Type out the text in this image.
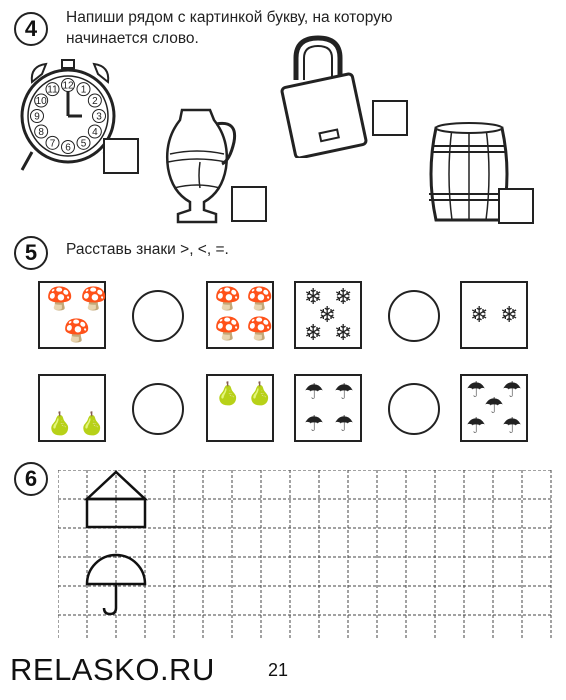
4	Напиши рядом с картинкой букву, на которую
начинается слово.
12 1
2
3
4
5
6
7
8
9
10
11
5	Расставь знаки >, <, =.
🍄 🍄
🍄
🍄 🍄
🍄 🍄
❄ ❄
❄
❄ ❄
❄ ❄
🍐 🍐
🍐 🍐 ☂ ☂
☂ ☂
☂ ☂
☂
☂ ☂
6
RELASKO.RU	21
